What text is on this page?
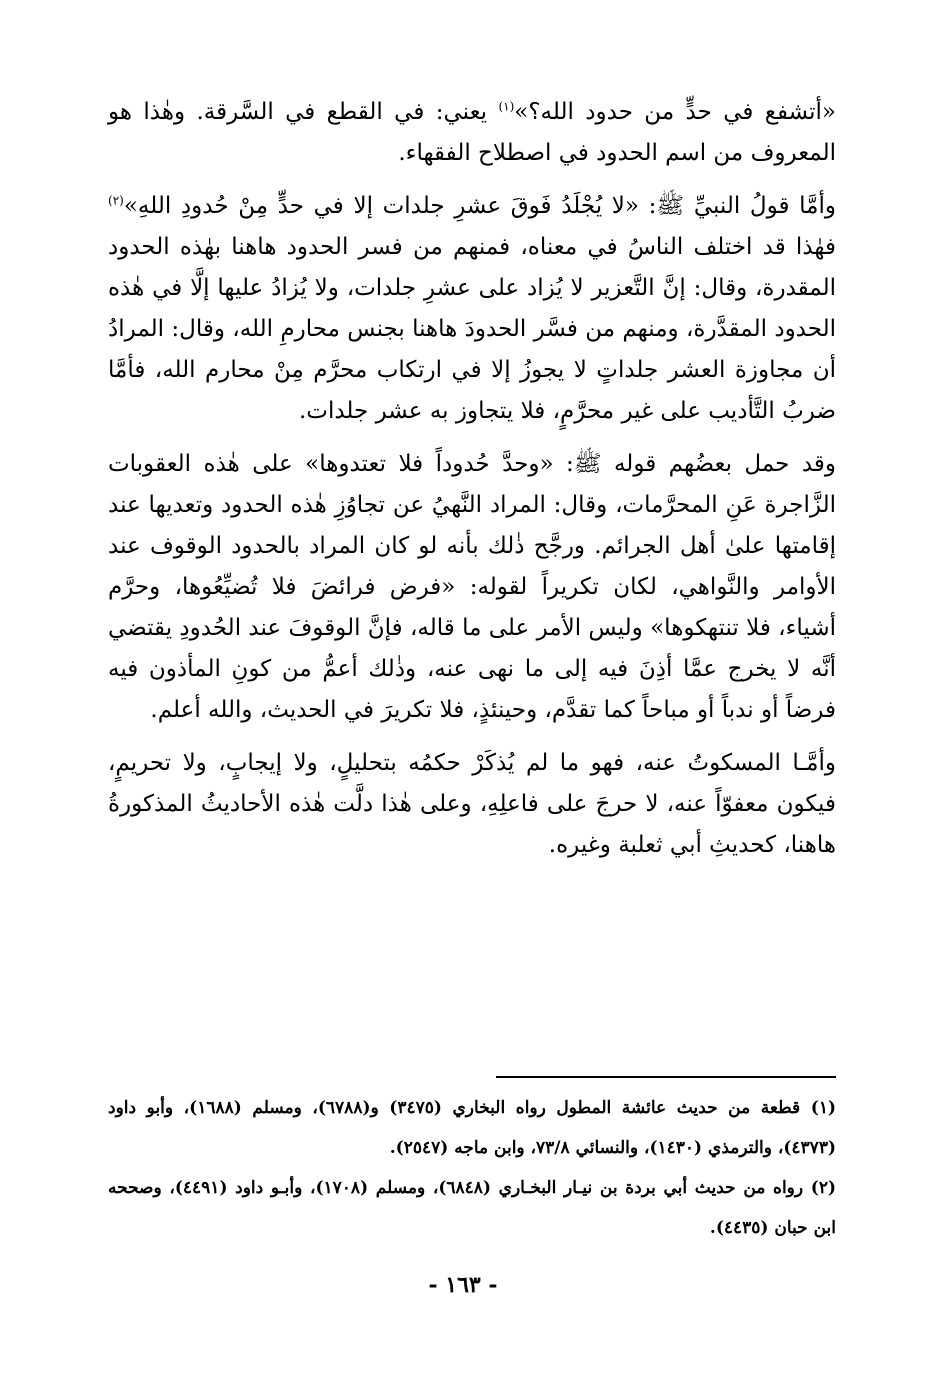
«أتشفع في حدٍّ من حدود الله؟»$^{(١)}$ يعني: في القطع في السَّرقة. وهٰذا هو المعروف من اسم الحدود في اصطلاح الفقهاء.

وأمَّا قولُ النبيِّ ﷺ: «لا يُجْلَدُ فَوقَ عشرِ جلدات إلا في حدٍّ مِنْ حُدودِ اللهِ»$^{(٢)}$ فهٰذا قد اختلف الناسُ في معناه، فمنهم من فسر الحدود هاهنا بهٰذه الحدود المقدرة، وقال: إنَّ التَّعزير لا يُزاد على عشرِ جلدات، ولا يُزادُ عليها إلَّا في هٰذه الحدود المقدَّرة، ومنهم من فسَّر الحدودَ هاهنا بجنس محارمِ الله، وقال: المرادُ أن مجاوزة العشر جلداتٍ لا يجوزُ إلا في ارتكاب محرَّم مِنْ محارم الله، فأمَّا ضربُ التَّأديب على غير محرَّمٍ، فلا يتجاوز به عشر جلدات.

وقد حمل بعضُهم قوله ﷺ: «وحدَّ حُدوداً فلا تعتدوها» على هٰذه العقوبات الزَّاجرة عَنِ المحرَّمات، وقال: المراد النَّهيُ عن تجاوُزِ هٰذه الحدود وتعديها عند إقامتها علىٰ أهل الجرائم. ورجَّح ذٰلك بأنه لو كان المراد بالحدود الوقوف عند الأوامر والنَّواهي، لكان تكريراً لقوله: «فرض فرائضَ فلا تُضيِّعُوها، وحرَّم أشياء، فلا تنتهكوها» وليس الأمر على ما قاله، فإنَّ الوقوفَ عند الحُدودِ يقتضي أنَّه لا يخرج عمَّا أذِنَ فيه إلى ما نهى عنه، وذٰلك أعمُّ من كونِ المأذون فيه فرضاً أو ندباً أو مباحاً كما تقدَّم، وحينئذٍ، فلا تكريرَ في الحديث، والله أعلم.

وأمَّـا المسكوتُ عنه، فهو ما لم يُذكَرْ حكمُه بتحليلٍ، ولا إيجابٍ، ولا تحريمٍ، فيكون معفوّاً عنه، لا حرجَ على فاعلِهِ، وعلى هٰذا دلَّت هٰذه الأحاديثُ المذكورةُ هاهنا، كحديثِ أبي ثعلبة وغيره.

(١) قطعة من حديث عائشة المطول رواه البخاري (٣٤٧٥) و(٦٧٨٨)، ومسلم (١٦٨٨)، وأبو داود (٤٣٧٣)، والترمذي (١٤٣٠)، والنسائي ٧٣/٨، وابن ماجه (٢٥٤٧).

(٢) رواه من حديث أبي بردة بن نيـار البخـاري (٦٨٤٨)، ومسلم (١٧٠٨)، وأبـو داود (٤٤٩١)، وصححه ابن حبان (٤٤٣٥).

- ١٦٣ -
